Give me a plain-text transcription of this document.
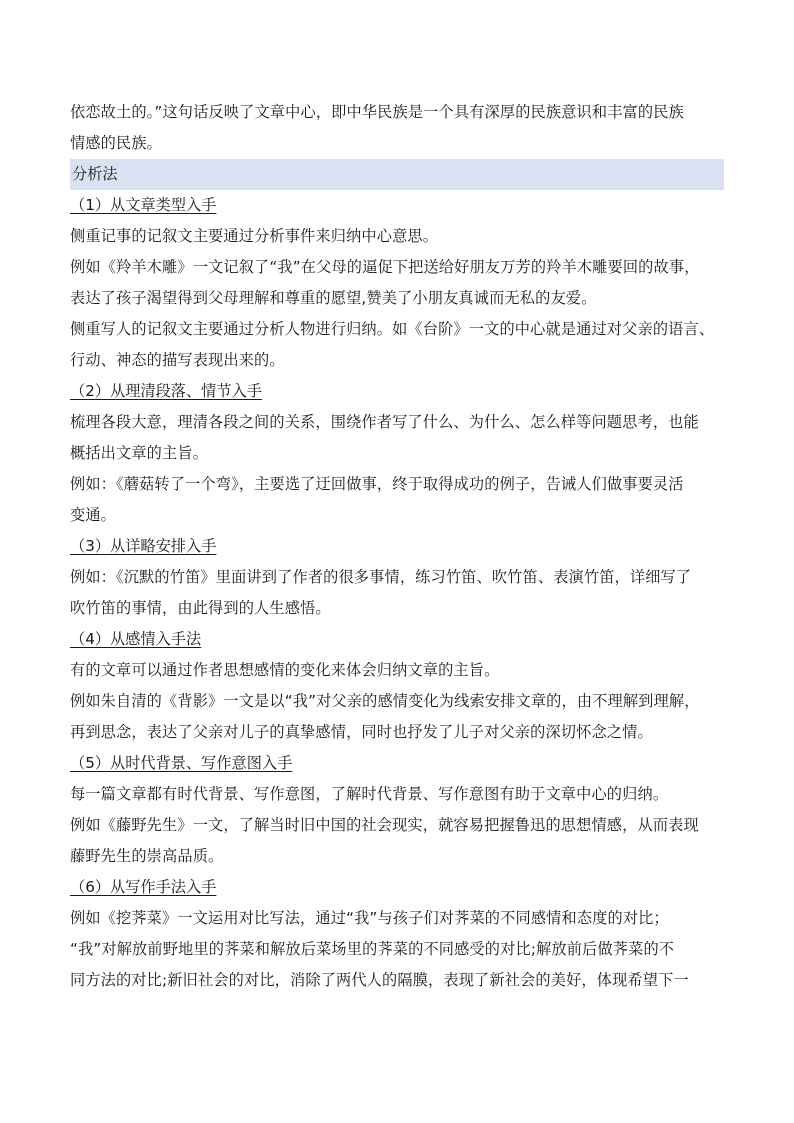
依恋故土的。”这句话反映了文章中心，即中华民族是一个具有深厚的民族意识和丰富的民族
情感的民族。
分析法
（1）从文章类型入手
侧重记事的记叙文主要通过分析事件来归纳中心意思。
例如《羚羊木雕》一文记叙了“我”在父母的逼促下把送给好朋友万芳的羚羊木雕要回的故事，
表达了孩子渴望得到父母理解和尊重的愿望,赞美了小朋友真诚而无私的友爱。
侧重写人的记叙文主要通过分析人物进行归纳。如《台阶》一文的中心就是通过对父亲的语言、
行动、神态的描写表现出来的。
（2）从理清段落、情节入手
梳理各段大意，理清各段之间的关系，围绕作者写了什么、为什么、怎么样等问题思考，也能
概括出文章的主旨。
例如：《蘑菇转了一个弯》，主要选了迂回做事，终于取得成功的例子，告诫人们做事要灵活
变通。
（3）从详略安排入手
例如：《沉默的竹笛》里面讲到了作者的很多事情，练习竹笛、吹竹笛、表演竹笛，详细写了
吹竹笛的事情，由此得到的人生感悟。
（4）从感情入手法
有的文章可以通过作者思想感情的变化来体会归纳文章的主旨。
例如朱自清的《背影》一文是以“我”对父亲的感情变化为线索安排文章的，由不理解到理解，
再到思念，表达了父亲对儿子的真挚感情，同时也抒发了儿子对父亲的深切怀念之情。
（5）从时代背景、写作意图入手
每一篇文章都有时代背景、写作意图，了解时代背景、写作意图有助于文章中心的归纳。
例如《藤野先生》一文，了解当时旧中国的社会现实，就容易把握鲁迅的思想情感，从而表现
藤野先生的崇高品质。
（6）从写作手法入手
例如《挖荠菜》一文运用对比写法，通过“我”与孩子们对荠菜的不同感情和态度的对比；
“我”对解放前野地里的荠菜和解放后菜场里的荠菜的不同感受的对比;解放前后做荠菜的不
同方法的对比;新旧社会的对比，消除了两代人的隔膜，表现了新社会的美好，体现希望下一
